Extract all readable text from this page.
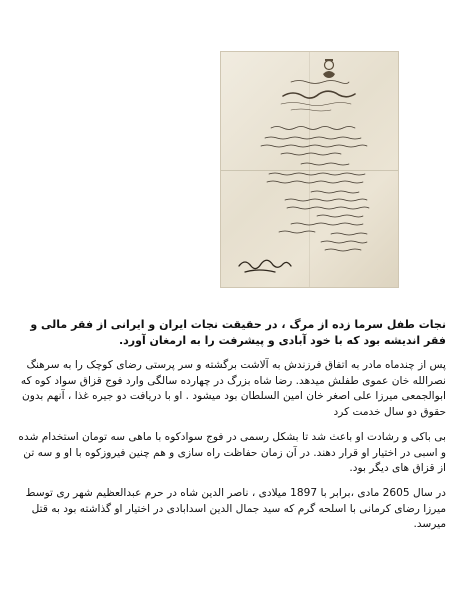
نجات طفل سرما زده از مرگ ، در حقیقت نجات ایران و ایرانی از فقر مالی و فقر اندیشه بود که با خود آبادی و پیشرفت را به ارمغان آورد.

پس از چندماه مادر به اتفاق فرزندش به آلاشت برگشته و سر پرستی رضای کوچک را به سرهنگ نصرالله خان عموی طفلش میدهد. رضا شاه بزرگ در چهارده سالگی وارد فوج قزاق سواد کوه که ابوالجمعی میرزا علی اصغر خان امین السلطان بود میشود . او با دریافت دو جیره غذا ، آنهم بدون حقوق دو سال خدمت کرد

بی باکی و رشادت او باعث شد تا بشکل رسمی در فوج سوادکوه با ماهی سه تومان استخدام شده و اسبی در اختیار او قرار دهند. در آن زمان حفاظت راه سازی و هم چنین فیروزکوه با او و سه تن از قزاق های دیگر بود.

در سال 2605 مادی ،برابر با 1897 میلادی ، ناصر الدین شاه در حرم عبدالعظیم شهر ری توسط میرزا رضای کرمانی با اسلحه گرم که سید جمال الدین اسدابادی در اختیار او گذاشته بود به قتل میرسد.
